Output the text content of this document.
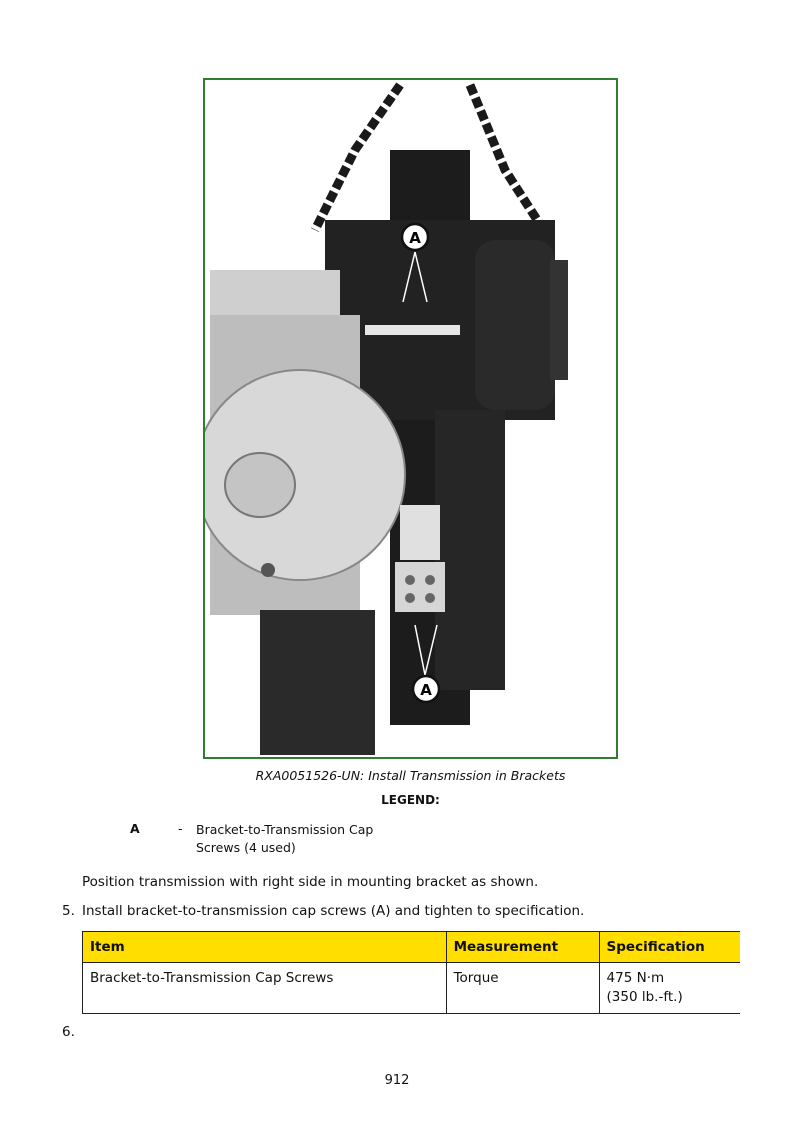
A
A
RXA0051526-UN: Install Transmission in Brackets
LEGEND:
A	- Bracket-to-Transmission Cap
Screws (4 used)
Position transmission with right side in mounting bracket as shown.
5. Install bracket-to-transmission cap screws (A) and tighten to specification.
Item	Measurement	Specification
Bracket-to-Transmission Cap Screws	Torque	475 N·m
(350 lb.-ft.)
6.
912
